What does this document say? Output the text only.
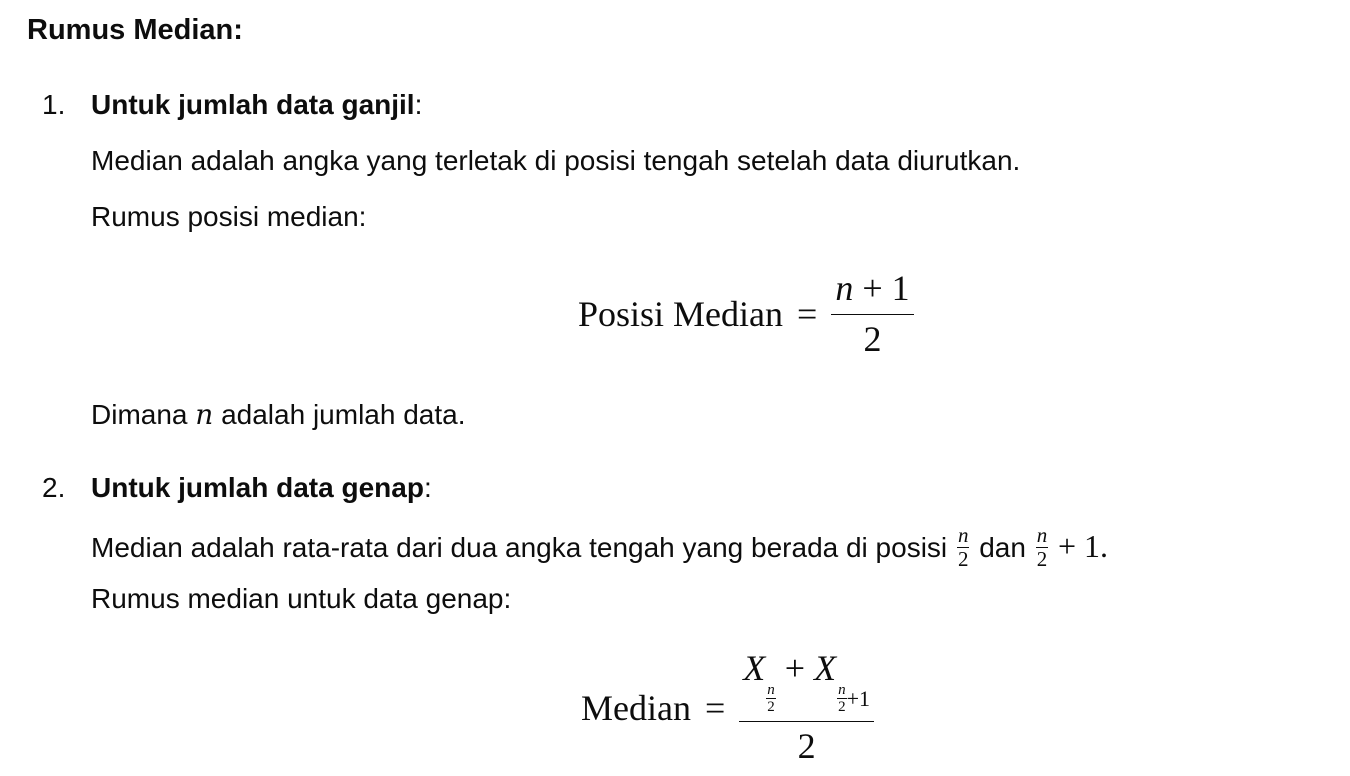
Rumus Median:
1. Untuk jumlah data ganjil:

Median adalah angka yang terletak di posisi tengah setelah data diurutkan.

Rumus posisi median:

Posisi Median = $\frac{n + 1}{2}$

Dimana n adalah jumlah data.

2. Untuk jumlah data genap:

Median adalah rata-rata dari dua angka tengah yang berada di posisi $\frac{n}{2}$ dan $\frac{n}{2} + 1$.

Rumus median untuk data genap:

Median = X
$\frac{n}{2}$
+ X
$\frac{n}{2} +1$
2
